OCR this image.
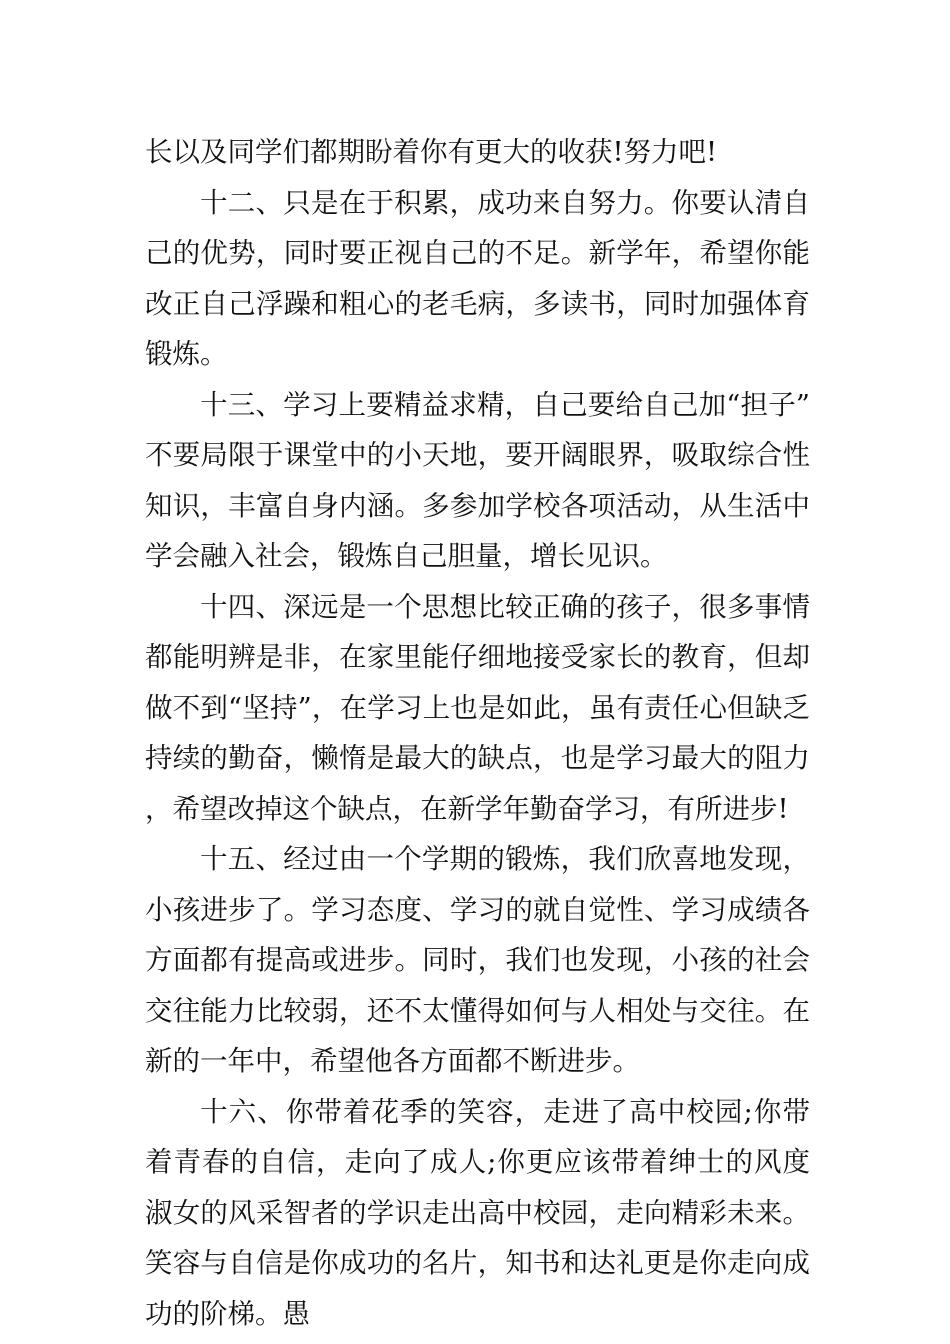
长以及同学们都期盼着你有更大的收获!努力吧!

十二、只是在于积累，成功来自努力。你要认清自己的优势，同时要正视自己的不足。新学年，希望你能改正自己浮躁和粗心的老毛病，多读书，同时加强体育锻炼。

十三、学习上要精益求精，自己要给自己加“担子”不要局限于课堂中的小天地，要开阔眼界，吸取综合性知识，丰富自身内涵。多参加学校各项活动，从生活中学会融入社会，锻炼自己胆量，增长见识。

十四、深远是一个思想比较正确的孩子，很多事情都能明辨是非，在家里能仔细地接受家长的教育，但却做不到“坚持”，在学习上也是如此，虽有责任心但缺乏持续的勤奋，懒惰是最大的缺点，也是学习最大的阻力，希望改掉这个缺点，在新学年勤奋学习，有所进步!

十五、经过由一个学期的锻炼，我们欣喜地发现，小孩进步了。学习态度、学习的就自觉性、学习成绩各方面都有提高或进步。同时，我们也发现，小孩的社会交往能力比较弱，还不太懂得如何与人相处与交往。在新的一年中，希望他各方面都不断进步。

十六、你带着花季的笑容，走进了高中校园;你带着青春的自信，走向了成人;你更应该带着绅士的风度淑女的风采智者的学识走出高中校园，走向精彩未来。笑容与自信是你成功的名片，知书和达礼更是你走向成功的阶梯。愚
